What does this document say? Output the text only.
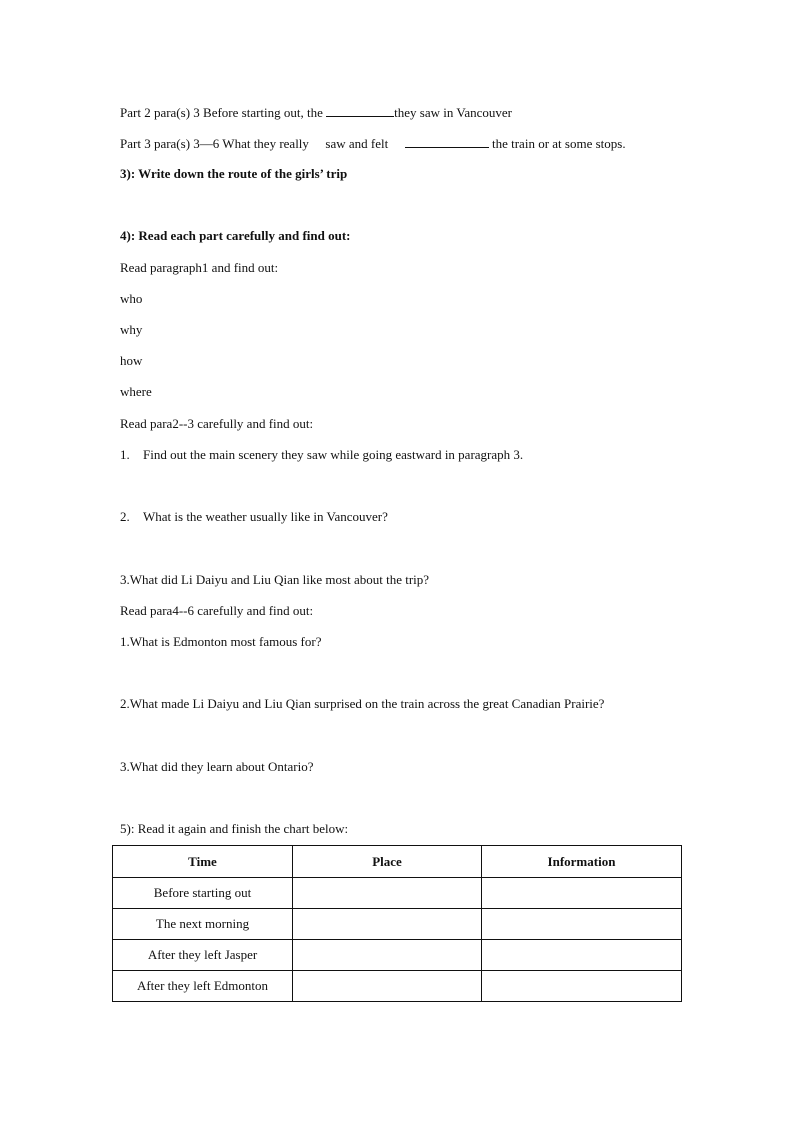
Part 2 para(s) 3 Before starting out, the	they saw in Vancouver
Part 3 para(s) 3—6 What they really saw and felt	the train or at some stops.
3): Write down the route of the girls’ trip
4): Read each part carefully and find out:
Read paragraph1 and find out:
who
why
how
where
Read para2--3 carefully and find out:
1. Find out the main scenery they saw while going eastward in paragraph 3.
2. What is the weather usually like in Vancouver?
3.What did Li Daiyu and Liu Qian like most about the trip?
Read para4--6 carefully and find out:
1.What is Edmonton most famous for?
2.What made Li Daiyu and Liu Qian surprised on the train across the great Canadian Prairie?
3.What did they learn about Ontario?
5): Read it again and finish the chart below:
Time	Place	Information
Before starting out		
The next morning		
After they left Jasper		
After they left Edmonton		
